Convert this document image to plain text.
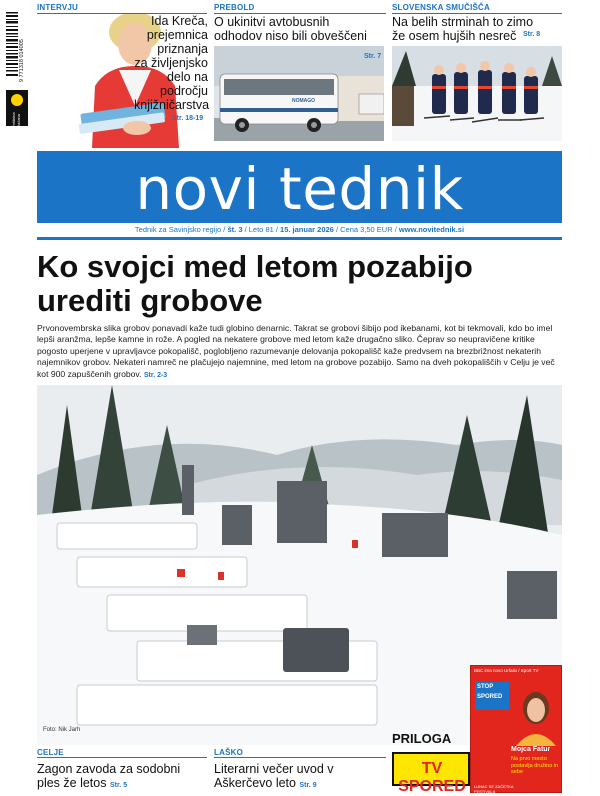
9 771318 014005
Poštnina plačana
INTERVJU
Ida Kreča,
prejemnica
priznanja
za življenjsko
delo na
področju
knjižničarstva
Str. 18-19
PREBOLD
O ukinitvi avtobusnih
odhodov niso bili obveščeni
NOMAGO
Str. 7
SLOVENSKA SMUČIŠČA
Na belih strminah to zimo
že osem hujših nesreč Str. 8
novi tednik
Tednik za Savinjsko regijo / št. 3 / Leto 81 / 15. januar 2026 / Cena 3,50 EUR / www.novitednik.si
Ko svojci med letom pozabijo urediti grobove
Prvonovembrska slika grobov ponavadi kaže tudi globino denarnic. Takrat se grobovi šibijo pod ikebanami, kot bi tekmovali, kdo bo imel lepši aranžma, lepše kamne in rože. A pogled na nekatere grobove med letom kaže drugačno sliko. Čeprav so neupravičene kritike pogosto uperjene v upravljavce pokopališč, poglobljeno razumevanje delovanja pokopališč kaže predvsem na brezbrižnost nekaterih najemnikov grobov. Nekateri namreč ne plačujejo najemnine, med letom na grobove pozabijo. Samo na dveh pokopališčih v Celju je več kot 900 zapuščenih grobov. Str. 2-3
Foto: Nik Jarh
BBC ima novo Uršulo / Sport TV
STOP
SPORED
Mojca Fatur
Na prvo mesto postavlja družino in sebe
LUNAC SE ZAČETKA FESTIVALA
CELJE
Zagon zavoda za sodobni
ples že letos Str. 5
LAŠKO
Literarni večer uvod v
Aškerčevo leto Str. 9
PRILOGA
TV SPORED
